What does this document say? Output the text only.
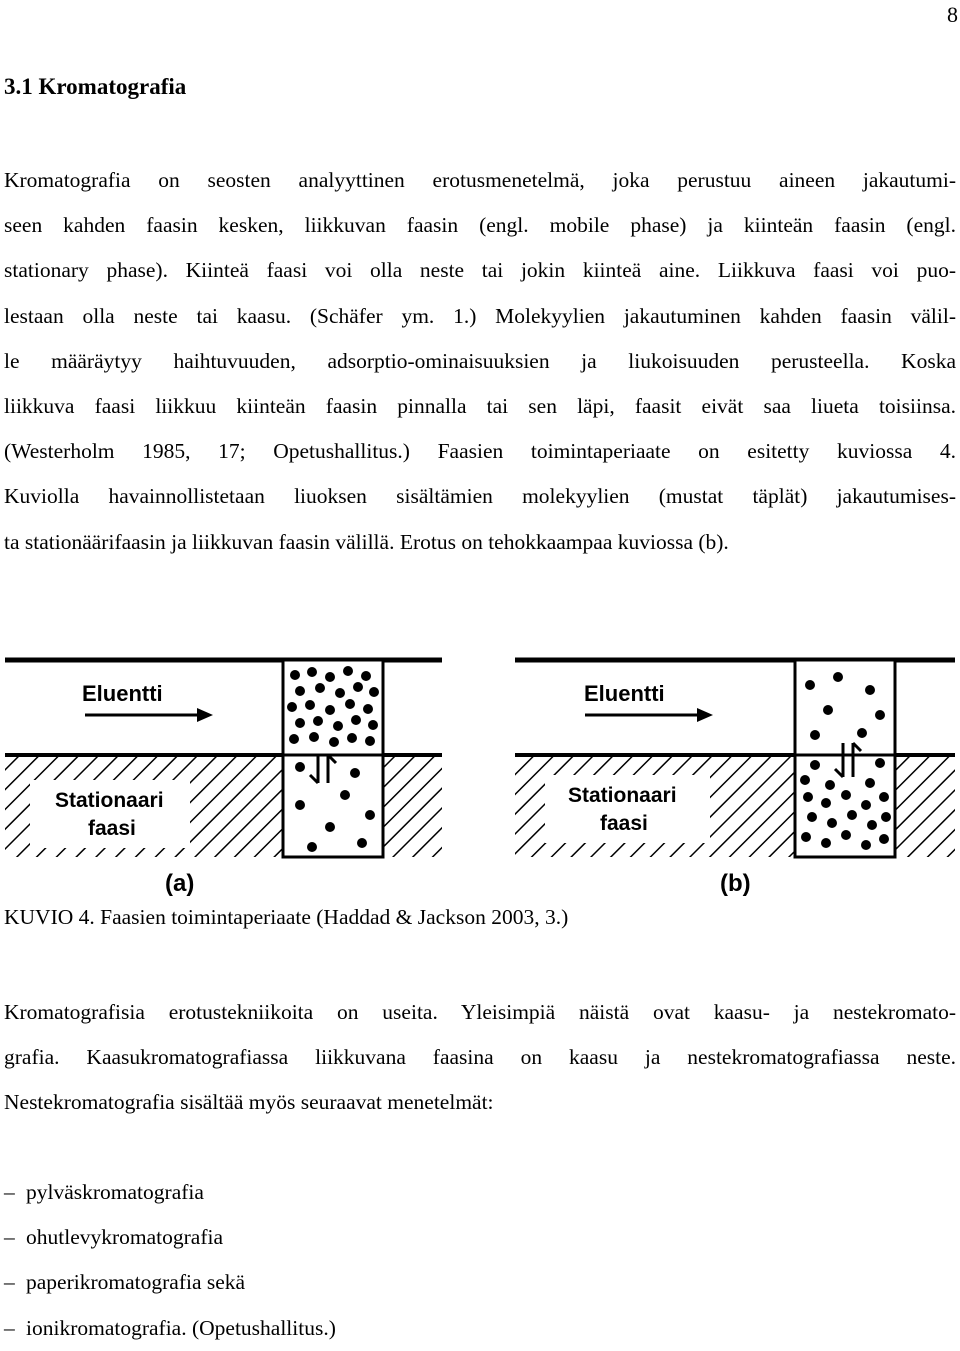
8
3.1 Kromatografia
Kromatografia on seosten analyyttinen erotusmenetelmä, joka perustuu aineen jakautumi-
seen kahden faasin kesken, liikkuvan faasin (engl. mobile phase) ja kiinteän faasin (engl.
stationary phase). Kiinteä faasi voi olla neste tai jokin kiinteä aine. Liikkuva faasi voi puo-
lestaan olla neste tai kaasu. (Schäfer ym. 1.) Molekyylien jakautuminen kahden faasin välil-
le määräytyy haihtuvuuden, adsorptio-ominaisuuksien ja liukoisuuden perusteella. Koska
liikkuva faasi liikkuu kiinteän faasin pinnalla tai sen läpi, faasit eivät saa liueta toisiinsa.
(Westerholm 1985, 17; Opetushallitus.) Faasien toimintaperiaate on esitetty kuviossa 4.
Kuviolla havainnollistetaan liuoksen sisältämien molekyylien (mustat täplät) jakautumises-
ta stationäärifaasin ja liikkuvan faasin välillä. Erotus on tehokkaampaa kuviossa (b).
Eluentti
Stationaari
faasi
(a)
Eluentti
Stationaari
faasi
(b)
KUVIO 4. Faasien toimintaperiaate (Haddad & Jackson 2003, 3.)
Kromatografisia erotustekniikoita on useita. Yleisimpiä näistä ovat kaasu- ja nestekromato-
grafia. Kaasukromatografiassa liikkuvana faasina on kaasu ja nestekromatografiassa neste.
Nestekromatografia sisältää myös seuraavat menetelmät:
– pylväskromatografia
– ohutlevykromatografia
– paperikromatografia sekä
– ionikromatografia. (Opetushallitus.)
